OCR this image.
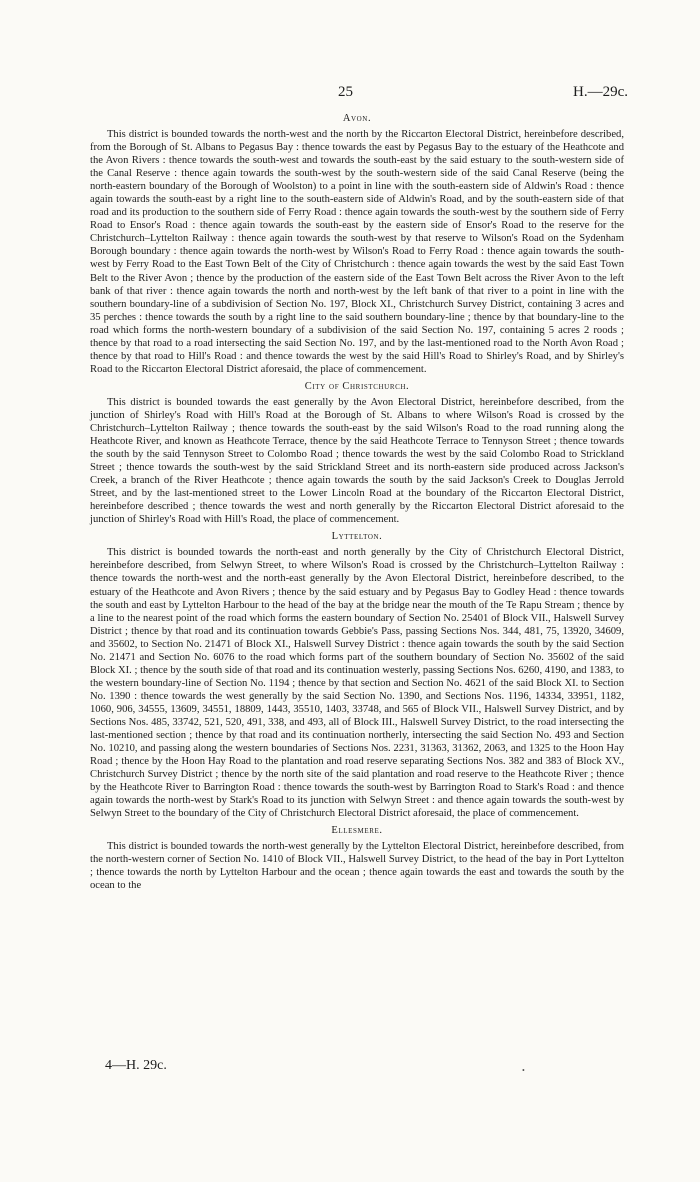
25	H.—29c.
Avon.

This district is bounded towards the north-west and the north by the Riccarton Electoral District, hereinbefore described, from the Borough of St. Albans to Pegasus Bay : thence towards the east by Pegasus Bay to the estuary of the Heathcote and the Avon Rivers : thence towards the south-west and towards the south-east by the said estuary to the south-western side of the Canal Reserve : thence again towards the south-west by the south-western side of the said Canal Reserve (being the north-eastern boundary of the Borough of Woolston) to a point in line with the south-eastern side of Aldwin's Road : thence again towards the south-east by a right line to the south-eastern side of Aldwin's Road, and by the south-eastern side of that road and its production to the southern side of Ferry Road : thence again towards the south-west by the southern side of Ferry Road to Ensor's Road : thence again towards the south-east by the eastern side of Ensor's Road to the reserve for the Christchurch–Lyttelton Railway : thence again towards the south-west by that reserve to Wilson's Road on the Sydenham Borough boundary : thence again towards the north-west by Wilson's Road to Ferry Road : thence again towards the south-west by Ferry Road to the East Town Belt of the City of Christchurch : thence again towards the west by the said East Town Belt to the River Avon ; thence by the production of the eastern side of the East Town Belt across the River Avon to the left bank of that river : thence again towards the north and north-west by the left bank of that river to a point in line with the southern boundary-line of a subdivision of Section No. 197, Block XI., Christchurch Survey District, containing 3 acres and 35 perches : thence towards the south by a right line to the said southern boundary-line ; thence by that boundary-line to the road which forms the north-western boundary of a subdivision of the said Section No. 197, containing 5 acres 2 roods ; thence by that road to a road intersecting the said Section No. 197, and by the last-mentioned road to the North Avon Road ; thence by that road to Hill's Road : and thence towards the west by the said Hill's Road to Shirley's Road, and by Shirley's Road to the Riccarton Electoral District aforesaid, the place of commencement.

City of Christchurch.

This district is bounded towards the east generally by the Avon Electoral District, hereinbefore described, from the junction of Shirley's Road with Hill's Road at the Borough of St. Albans to where Wilson's Road is crossed by the Christchurch–Lyttelton Railway ; thence towards the south-east by the said Wilson's Road to the road running along the Heathcote River, and known as Heathcote Terrace, thence by the said Heathcote Terrace to Tennyson Street ; thence towards the south by the said Tennyson Street to Colombo Road ; thence towards the west by the said Colombo Road to Strickland Street ; thence towards the south-west by the said Strickland Street and its north-eastern side produced across Jackson's Creek, a branch of the River Heathcote ; thence again towards the south by the said Jackson's Creek to Douglas Jerrold Street, and by the last-mentioned street to the Lower Lincoln Road at the boundary of the Riccarton Electoral District, hereinbefore described ; thence towards the west and north generally by the Riccarton Electoral District aforesaid to the junction of Shirley's Road with Hill's Road, the place of commencement.

Lyttelton.

This district is bounded towards the north-east and north generally by the City of Christchurch Electoral District, hereinbefore described, from Selwyn Street, to where Wilson's Road is crossed by the Christchurch–Lyttelton Railway : thence towards the north-west and the north-east generally by the Avon Electoral District, hereinbefore described, to the estuary of the Heathcote and Avon Rivers ; thence by the said estuary and by Pegasus Bay to Godley Head : thence towards the south and east by Lyttelton Harbour to the head of the bay at the bridge near the mouth of the Te Rapu Stream ; thence by a line to the nearest point of the road which forms the eastern boundary of Section No. 25401 of Block VII., Halswell Survey District ; thence by that road and its continuation towards Gebbie's Pass, passing Sections Nos. 344, 481, 75, 13920, 34609, and 35602, to Section No. 21471 of Block XI., Halswell Survey District : thence again towards the south by the said Section No. 21471 and Section No. 6076 to the road which forms part of the southern boundary of Section No. 35602 of the said Block XI. ; thence by the south side of that road and its continuation westerly, passing Sections Nos. 6260, 4190, and 1383, to the western boundary-line of Section No. 1194 ; thence by that section and Section No. 4621 of the said Block XI. to Section No. 1390 : thence towards the west generally by the said Section No. 1390, and Sections Nos. 1196, 14334, 33951, 1182, 1060, 906, 34555, 13609, 34551, 18809, 1443, 35510, 1403, 33748, and 565 of Block VII., Halswell Survey District, and by Sections Nos. 485, 33742, 521, 520, 491, 338, and 493, all of Block III., Halswell Survey District, to the road intersecting the last-mentioned section ; thence by that road and its continuation northerly, intersecting the said Section No. 493 and Section No. 10210, and passing along the western boundaries of Sections Nos. 2231, 31363, 31362, 2063, and 1325 to the Hoon Hay Road ; thence by the Hoon Hay Road to the plantation and road reserve separating Sections Nos. 382 and 383 of Block XV., Christchurch Survey District ; thence by the north site of the said plantation and road reserve to the Heathcote River ; thence by the Heathcote River to Barrington Road : thence towards the south-west by Barrington Road to Stark's Road : and thence again towards the north-west by Stark's Road to its junction with Selwyn Street : and thence again towards the south-west by Selwyn Street to the boundary of the City of Christchurch Electoral District aforesaid, the place of commencement.

Ellesmere.

This district is bounded towards the north-west generally by the Lyttelton Electoral District, hereinbefore described, from the north-western corner of Section No. 1410 of Block VII., Halswell Survey District, to the head of the bay in Port Lyttelton ; thence towards the north by Lyttelton Harbour and the ocean ; thence again towards the east and towards the south by the ocean to the

4—H. 29c.	•
